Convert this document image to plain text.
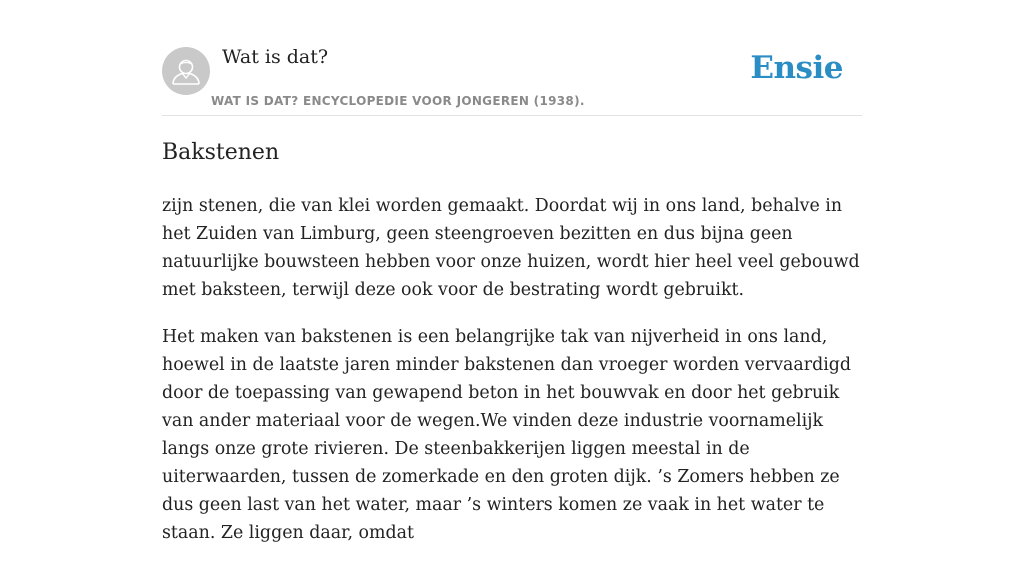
Wat is dat?
WAT IS DAT? ENCYCLOPEDIE VOOR JONGEREN (1938).
Ensie
Bakstenen

zijn stenen, die van klei worden gemaakt. Doordat wij in ons land, behalve in het Zuiden van Limburg, geen steengroeven bezitten en dus bijna geen natuurlijke bouwsteen hebben voor onze huizen, wordt hier heel veel gebouwd met baksteen, terwijl deze ook voor de bestrating wordt gebruikt.

Het maken van bakstenen is een belangrijke tak van nijverheid in ons land, hoewel in de laatste jaren minder bakstenen dan vroeger worden vervaardigd door de toepassing van gewapend beton in het bouwvak en door het gebruik van ander materiaal voor de wegen.We vinden deze industrie voornamelijk langs onze grote rivieren. De steenbakkerijen liggen meestal in de uiterwaarden, tussen de zomerkade en den groten dijk. ’s Zomers hebben ze dus geen last van het water, maar ’s winters komen ze vaak in het water te staan. Ze liggen daar, omdat
